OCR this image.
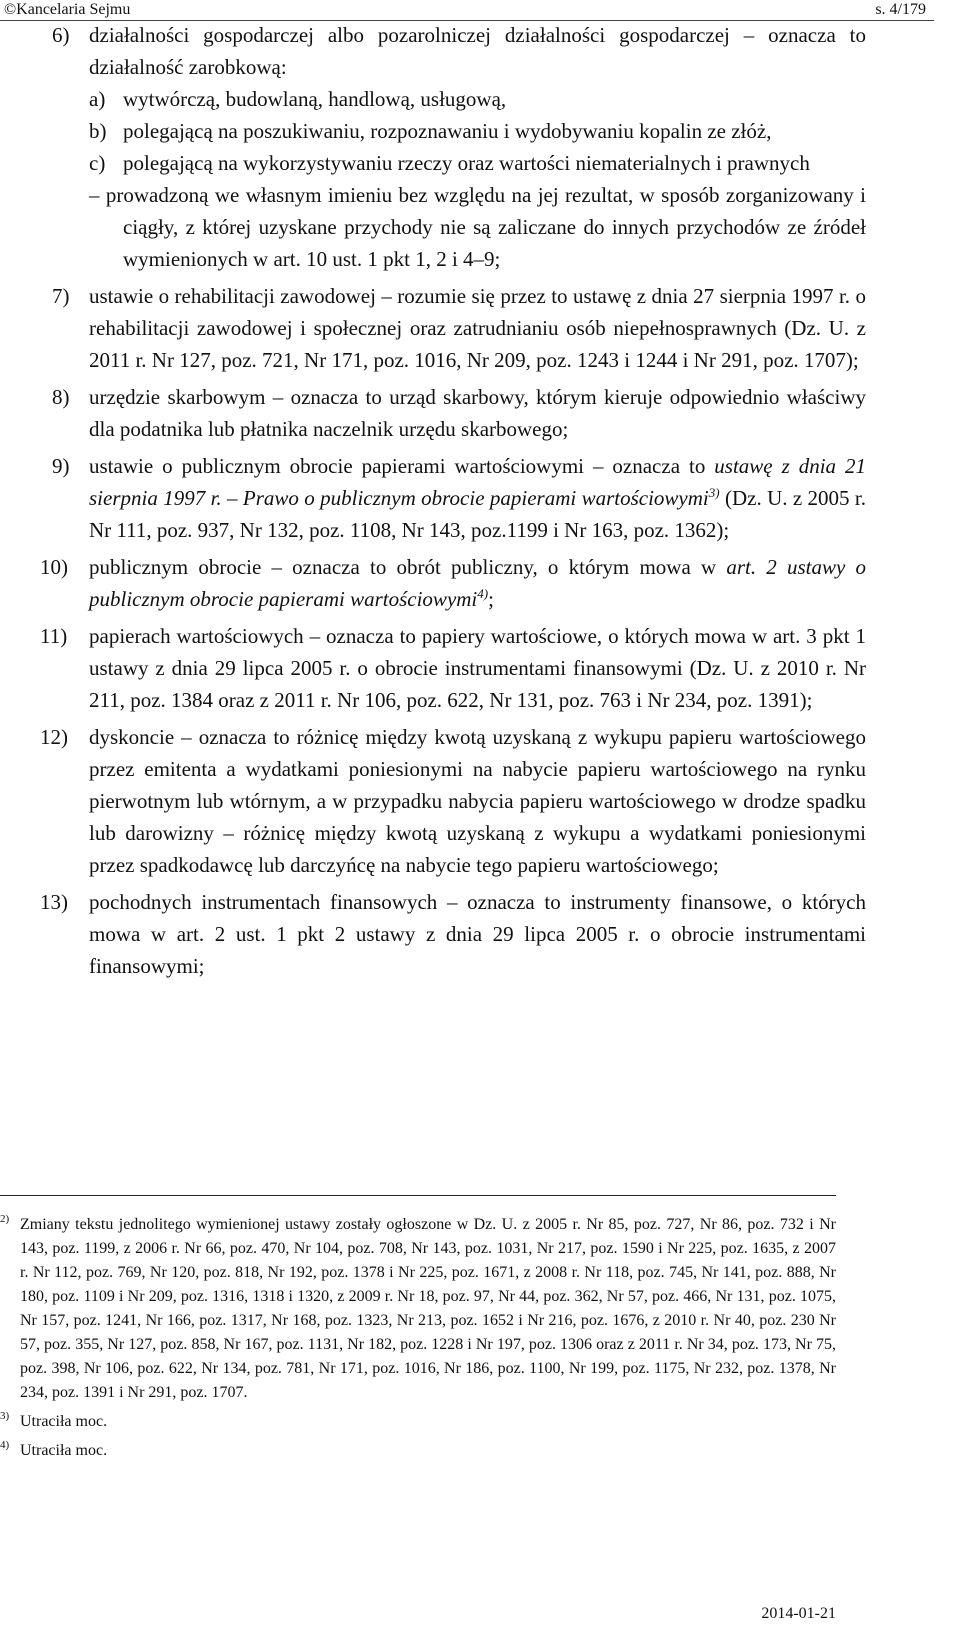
©Kancelaria Sejmu	s. 4/179
6) działalności gospodarczej albo pozarolniczej działalności gospodarczej – oznacza to działalność zarobkową:
a) wytwórczą, budowlaną, handlową, usługową,
b) polegającą na poszukiwaniu, rozpoznawaniu i wydobywaniu kopalin ze złóż,
c) polegającą na wykorzystywaniu rzeczy oraz wartości niematerialnych i prawnych
– prowadzoną we własnym imieniu bez względu na jej rezultat, w sposób zorganizowany i ciągły, z której uzyskane przychody nie są zaliczane do innych przychodów ze źródeł wymienionych w art. 10 ust. 1 pkt 1, 2 i 4–9;
7) ustawie o rehabilitacji zawodowej – rozumie się przez to ustawę z dnia 27 sierpnia 1997 r. o rehabilitacji zawodowej i społecznej oraz zatrudnianiu osób niepełnosprawnych (Dz. U. z 2011 r. Nr 127, poz. 721, Nr 171, poz. 1016, Nr 209, poz. 1243 i 1244 i Nr 291, poz. 1707);
8) urzędzie skarbowym – oznacza to urząd skarbowy, którym kieruje odpowiednio właściwy dla podatnika lub płatnika naczelnik urzędu skarbowego;
9) ustawie o publicznym obrocie papierami wartościowymi – oznacza to ustawę z dnia 21 sierpnia 1997 r. – Prawo o publicznym obrocie papierami wartościowymi$^{3)}$ (Dz. U. z 2005 r. Nr 111, poz. 937, Nr 132, poz. 1108, Nr 143, poz.1199 i Nr 163, poz. 1362);
10) publicznym obrocie – oznacza to obrót publiczny, o którym mowa w art. 2 ustawy o publicznym obrocie papierami wartościowymi$^{4)}$;
11) papierach wartościowych – oznacza to papiery wartościowe, o których mowa w art. 3 pkt 1 ustawy z dnia 29 lipca 2005 r. o obrocie instrumentami finansowymi (Dz. U. z 2010 r. Nr 211, poz. 1384 oraz z 2011 r. Nr 106, poz. 622, Nr 131, poz. 763 i Nr 234, poz. 1391);
12) dyskoncie – oznacza to różnicę między kwotą uzyskaną z wykupu papieru wartościowego przez emitenta a wydatkami poniesionymi na nabycie papieru wartościowego na rynku pierwotnym lub wtórnym, a w przypadku nabycia papieru wartościowego w drodze spadku lub darowizny – różnicę między kwotą uzyskaną z wykupu a wydatkami poniesionymi przez spadkodawcę lub darczyńcę na nabycie tego papieru wartościowego;
13) pochodnych instrumentach finansowych – oznacza to instrumenty finansowe, o których mowa w art. 2 ust. 1 pkt 2 ustawy z dnia 29 lipca 2005 r. o obrocie instrumentami finansowymi;
2) Zmiany tekstu jednolitego wymienionej ustawy zostały ogłoszone w Dz. U. z 2005 r. Nr 85, poz. 727, Nr 86, poz. 732 i Nr 143, poz. 1199, z 2006 r. Nr 66, poz. 470, Nr 104, poz. 708, Nr 143, poz. 1031, Nr 217, poz. 1590 i Nr 225, poz. 1635, z 2007 r. Nr 112, poz. 769, Nr 120, poz. 818, Nr 192, poz. 1378 i Nr 225, poz. 1671, z 2008 r. Nr 118, poz. 745, Nr 141, poz. 888, Nr 180, poz. 1109 i Nr 209, poz. 1316, 1318 i 1320, z 2009 r. Nr 18, poz. 97, Nr 44, poz. 362, Nr 57, poz. 466, Nr 131, poz. 1075, Nr 157, poz. 1241, Nr 166, poz. 1317, Nr 168, poz. 1323, Nr 213, poz. 1652 i Nr 216, poz. 1676, z 2010 r. Nr 40, poz. 230 Nr 57, poz. 355, Nr 127, poz. 858, Nr 167, poz. 1131, Nr 182, poz. 1228 i Nr 197, poz. 1306 oraz z 2011 r. Nr 34, poz. 173, Nr 75, poz. 398, Nr 106, poz. 622, Nr 134, poz. 781, Nr 171, poz. 1016, Nr 186, poz. 1100, Nr 199, poz. 1175, Nr 232, poz. 1378, Nr 234, poz. 1391 i Nr 291, poz. 1707.
3) Utraciła moc.
4) Utraciła moc.
2014-01-21
